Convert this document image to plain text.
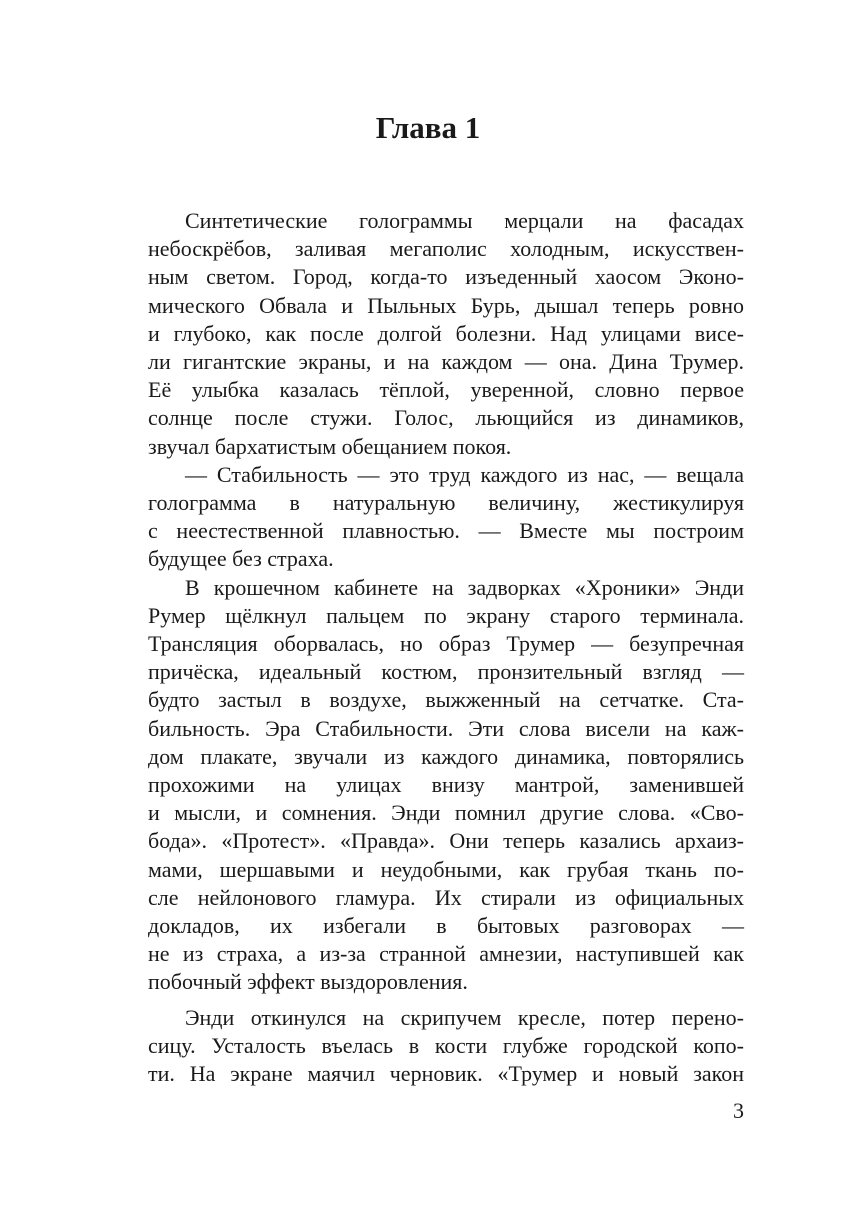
Глава 1
Синтетические голограммы мерцали на фасадах
небоскрёбов, заливая мегаполис холодным, искусствен-
ным светом. Город, когда-то изъеденный хаосом Эконо-
мического Обвала и Пыльных Бурь, дышал теперь ровно
и глубоко, как после долгой болезни. Над улицами висе-
ли гигантские экраны, и на каждом — она. Дина Трумер.
Её улыбка казалась тёплой, уверенной, словно первое
солнце после стужи. Голос, льющийся из динамиков,
звучал бархатистым обещанием покоя.
— Стабильность — это труд каждого из нас, — вещала
голограмма в натуральную величину, жестикулируя
с неестественной плавностью. — Вместе мы построим
будущее без страха.
В крошечном кабинете на задворках «Хроники» Энди
Румер щёлкнул пальцем по экрану старого терминала.
Трансляция оборвалась, но образ Трумер — безупречная
причёска, идеальный костюм, пронзительный взгляд —
будто застыл в воздухе, выжженный на сетчатке. Ста-
бильность. Эра Стабильности. Эти слова висели на каж-
дом плакате, звучали из каждого динамика, повторялись
прохожими на улицах внизу мантрой, заменившей
и мысли, и сомнения. Энди помнил другие слова. «Сво-
бода». «Протест». «Правда». Они теперь казались архаиз-
мами, шершавыми и неудобными, как грубая ткань по-
сле нейлонового гламура. Их стирали из официальных
докладов, их избегали в бытовых разговорах —
не из страха, а из-за странной амнезии, наступившей как
побочный эффект выздоровления.
Энди откинулся на скрипучем кресле, потер перено-
сицу. Усталость въелась в кости глубже городской копо-
ти. На экране маячил черновик. «Трумер и новый закон
3
